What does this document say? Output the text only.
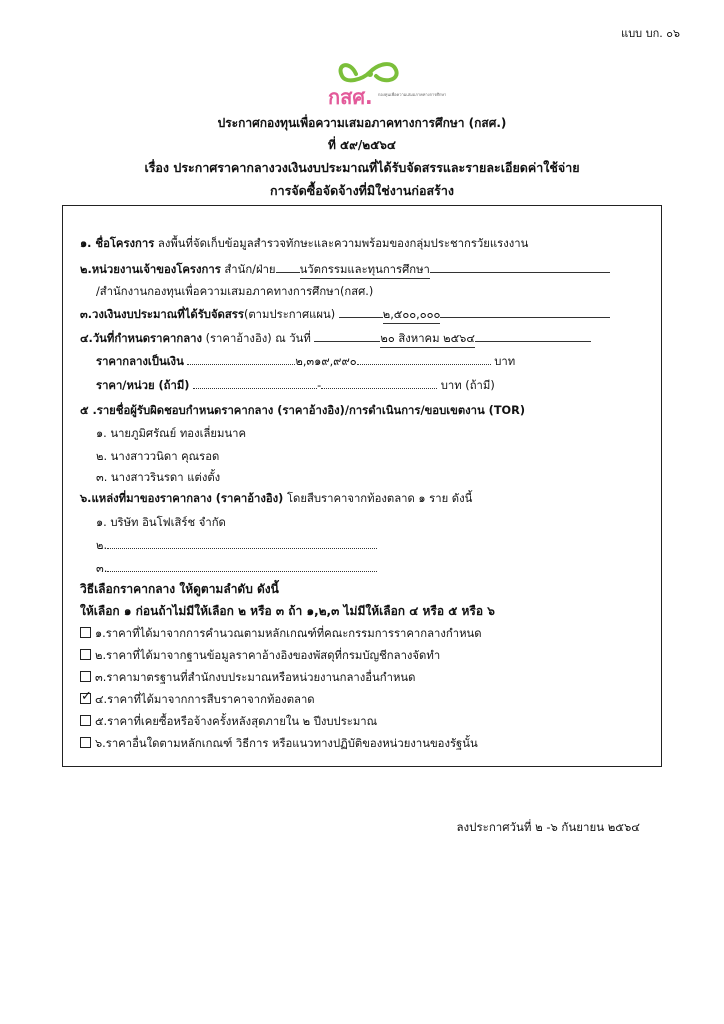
แบบ บก. ๐๖
กสศ. กองทุนเพื่อความเสมอภาคทางการศึกษา
ประกาศกองทุนเพื่อความเสมอภาคทางการศึกษา (กสศ.)
ที่ ๕๙/๒๕๖๔
เรื่อง ประกาศราคากลางวงเงินงบประมาณที่ได้รับจัดสรรและรายละเอียดค่าใช้จ่าย
การจัดซื้อจัดจ้างที่มิใช่งานก่อสร้าง
๑. ชื่อโครงการ ลงพื้นที่จัดเก็บข้อมูลสำรวจทักษะและความพร้อมของกลุ่มประชากรวัยแรงงาน
๒.หน่วยงานเจ้าของโครงการ สำนัก/ฝ่าย นวัตกรรมและทุนการศึกษา
/สำนักงานกองทุนเพื่อความเสมอภาคทางการศึกษา(กสศ.)
๓.วงเงินงบประมาณที่ได้รับจัดสรร(ตามประกาศแผน)	๒,๕๐๐,๐๐๐
๔.วันที่กำหนดราคากลาง (ราคาอ้างอิง) ณ วันที่	๒๐ สิงหาคม ๒๕๖๔
ราคากลางเป็นเงิน	๒,๓๑๙,๙๙๐	บาท
ราคา/หน่วย (ถ้ามี)	-	บาท (ถ้ามี)
๕ .รายชื่อผู้รับผิดชอบกำหนดราคากลาง (ราคาอ้างอิง)/การดำเนินการ/ขอบเขตงาน (TOR)
๑. นายภูมิศรัณย์ ทองเลี่ยมนาค
๒. นางสาววนิดา คุณรอด
๓. นางสาวรินรดา แต่งตั้ง
๖.แหล่งที่มาของราคากลาง (ราคาอ้างอิง) โดยสืบราคาจากท้องตลาด ๑ ราย ดังนี้
๑. บริษัท อินโฟเสิร์ช จำกัด
๒.
๓.
วิธีเลือกราคากลาง ให้ดูตามลำดับ ดังนี้
ให้เลือก ๑ ก่อนถ้าไม่มีให้เลือก ๒ หรือ ๓ ถ้า ๑,๒,๓ ไม่มีให้เลือก ๔ หรือ ๕ หรือ ๖
๑.ราคาที่ได้มาจากการคำนวณตามหลักเกณฑ์ที่คณะกรรมการราคากลางกำหนด
๒.ราคาที่ได้มาจากฐานข้อมูลราคาอ้างอิงของพัสดุที่กรมบัญชีกลางจัดทำ
๓.ราคามาตรฐานที่สำนักงบประมาณหรือหน่วยงานกลางอื่นกำหนด
✓๔.ราคาที่ได้มาจากการสืบราคาจากท้องตลาด
๕.ราคาที่เคยซื้อหรือจ้างครั้งหลังสุดภายใน ๒ ปีงบประมาณ
๖.ราคาอื่นใดตามหลักเกณฑ์ วิธีการ หรือแนวทางปฏิบัติของหน่วยงานของรัฐนั้น
ลงประกาศวันที่ ๒ -๖ กันยายน ๒๕๖๔
